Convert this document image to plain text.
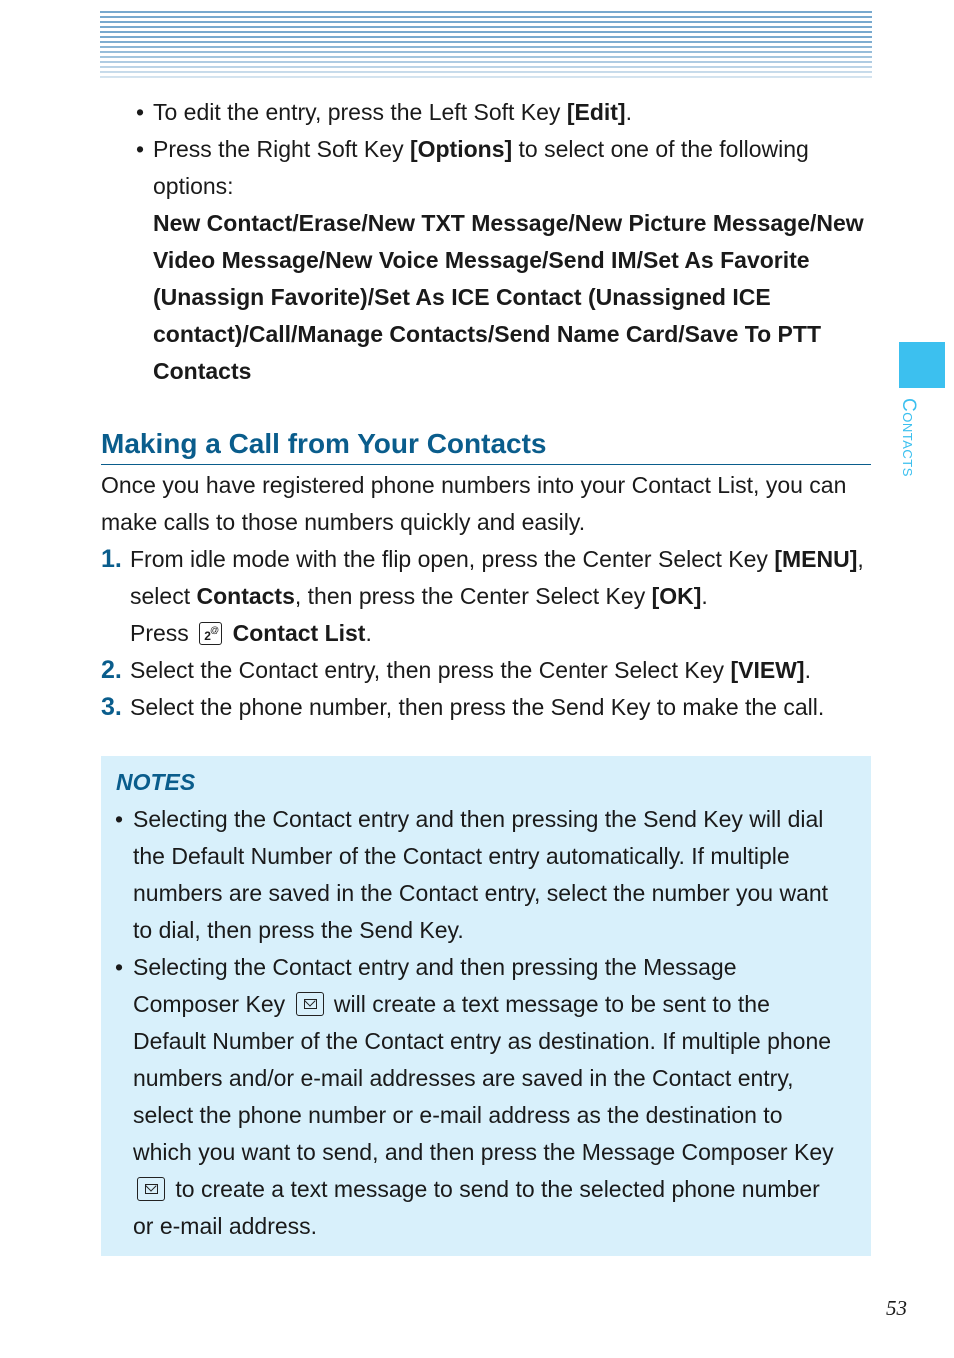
Contacts
• To edit the entry, press the Left Soft Key [Edit].
• Press the Right Soft Key [Options] to select one of the following options:
New Contact/Erase/New TXT Message/New Picture Message/New Video Message/New Voice Message/Send IM/Set As Favorite (Unassign Favorite)/Set As ICE Contact (Unassigned ICE contact)/Call/Manage Contacts/Send Name Card/Save To PTT Contacts
Making a Call from Your Contacts
Once you have registered phone numbers into your Contact List, you can make calls to those numbers quickly and easily.
1. From idle mode with the flip open, press the Center Select Key [MENU], select Contacts, then press the Center Select Key [OK].
Press 2 @ Contact List.
2. Select the Contact entry, then press the Center Select Key [VIEW].
3. Select the phone number, then press the Send Key to make the call.
NOTES
• Selecting the Contact entry and then pressing the Send Key will dial the Default Number of the Contact entry automatically. If multiple numbers are saved in the Contact entry, select the number you want to dial, then press the Send Key.
• Selecting the Contact entry and then pressing the Message Composer Key will create a text message to be sent to the Default Number of the Contact entry as destination. If multiple phone numbers and/or e-mail addresses are saved in the Contact entry, select the phone number or e-mail address as the destination to which you want to send, and then press the Message Composer Key  to create a text message to send to the selected phone number or e-mail address.
53
